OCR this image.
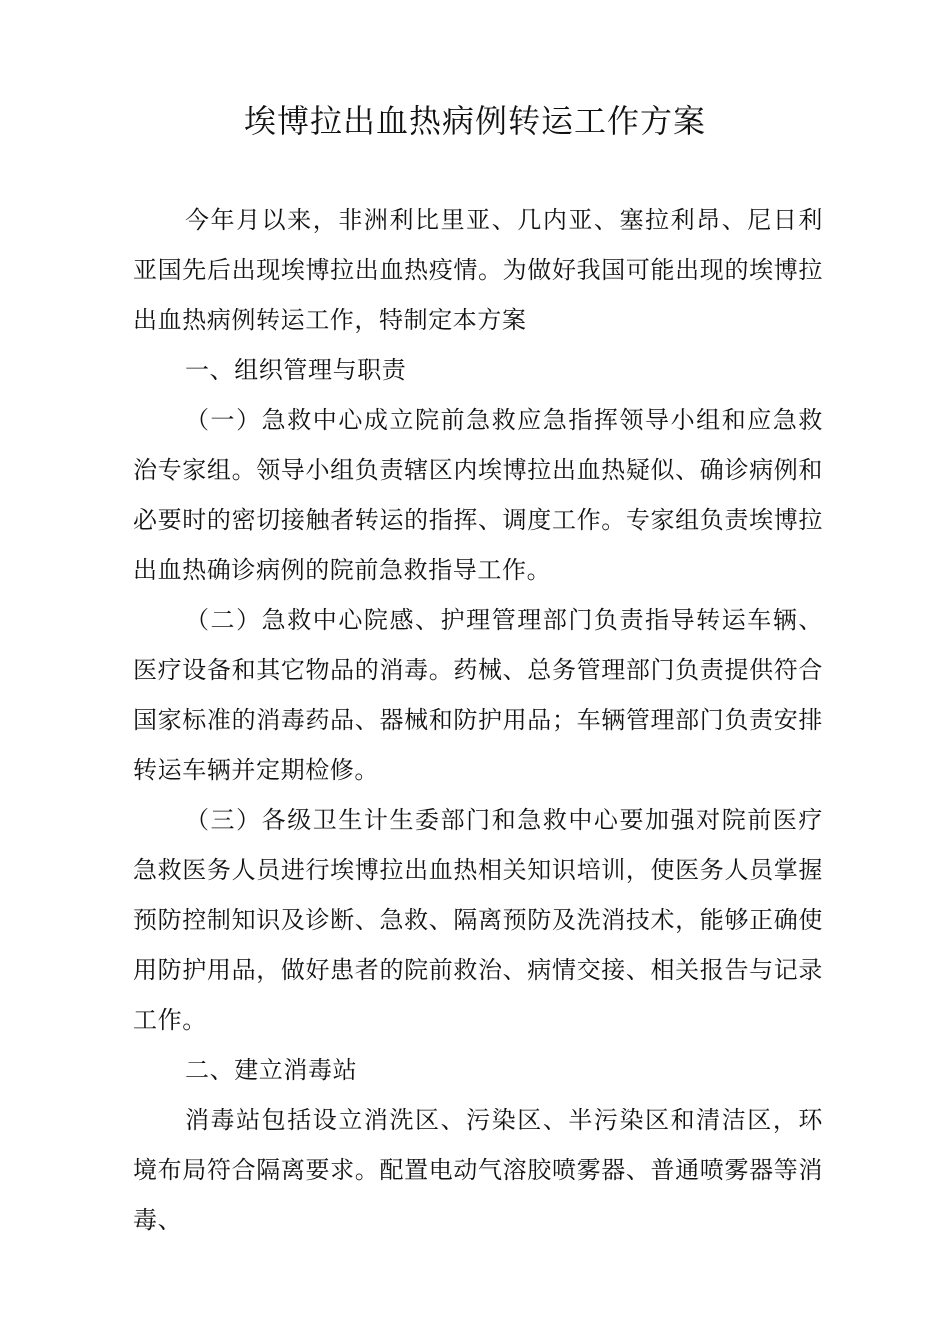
埃博拉出血热病例转运工作方案

今年月以来，非洲利比里亚、几内亚、塞拉利昂、尼日利亚国先后出现埃博拉出血热疫情。为做好我国可能出现的埃博拉出血热病例转运工作，特制定本方案

一、组织管理与职责

（一）急救中心成立院前急救应急指挥领导小组和应急救治专家组。领导小组负责辖区内埃博拉出血热疑似、确诊病例和必要时的密切接触者转运的指挥、调度工作。专家组负责埃博拉出血热确诊病例的院前急救指导工作。

（二）急救中心院感、护理管理部门负责指导转运车辆、医疗设备和其它物品的消毒。药械、总务管理部门负责提供符合国家标准的消毒药品、器械和防护用品；车辆管理部门负责安排转运车辆并定期检修。

（三）各级卫生计生委部门和急救中心要加强对院前医疗急救医务人员进行埃博拉出血热相关知识培训，使医务人员掌握预防控制知识及诊断、急救、隔离预防及洗消技术，能够正确使用防护用品，做好患者的院前救治、病情交接、相关报告与记录工作。

二、建立消毒站

消毒站包括设立消洗区、污染区、半污染区和清洁区，环境布局符合隔离要求。配置电动气溶胶喷雾器、普通喷雾器等消毒、
